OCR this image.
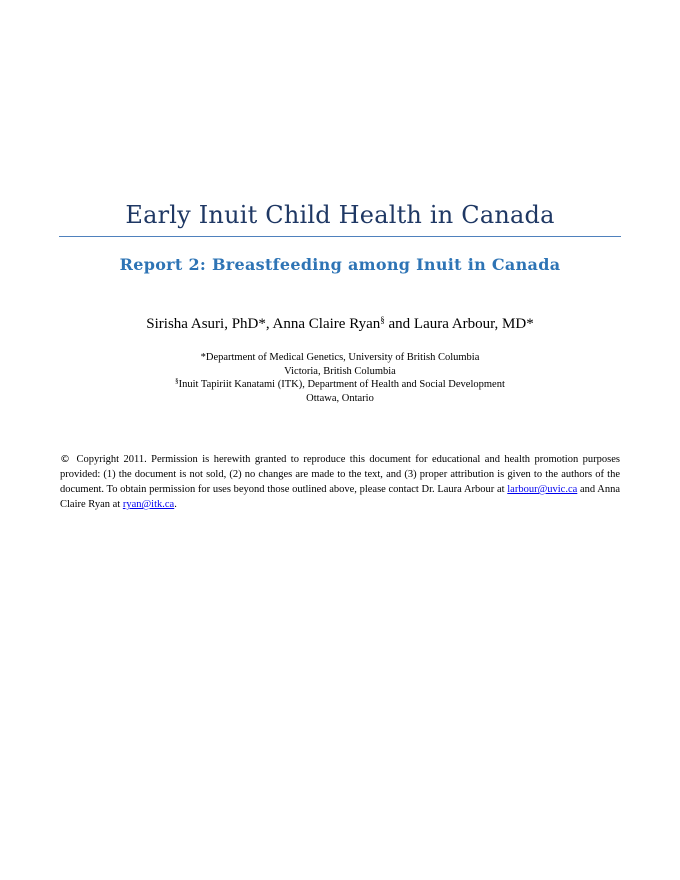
Early Inuit Child Health in Canada
Report 2: Breastfeeding among Inuit in Canada
Sirisha Asuri, PhD*, Anna Claire Ryan§ and Laura Arbour, MD*
*Department of Medical Genetics, University of British Columbia
Victoria, British Columbia
§Inuit Tapiriit Kanatami (ITK), Department of Health and Social Development
Ottawa, Ontario
© Copyright 2011. Permission is herewith granted to reproduce this document for educational and health promotion purposes provided: (1) the document is not sold, (2) no changes are made to the text, and (3) proper attribution is given to the authors of the document. To obtain permission for uses beyond those outlined above, please contact Dr. Laura Arbour at larbour@uvic.ca and Anna Claire Ryan at ryan@itk.ca.
